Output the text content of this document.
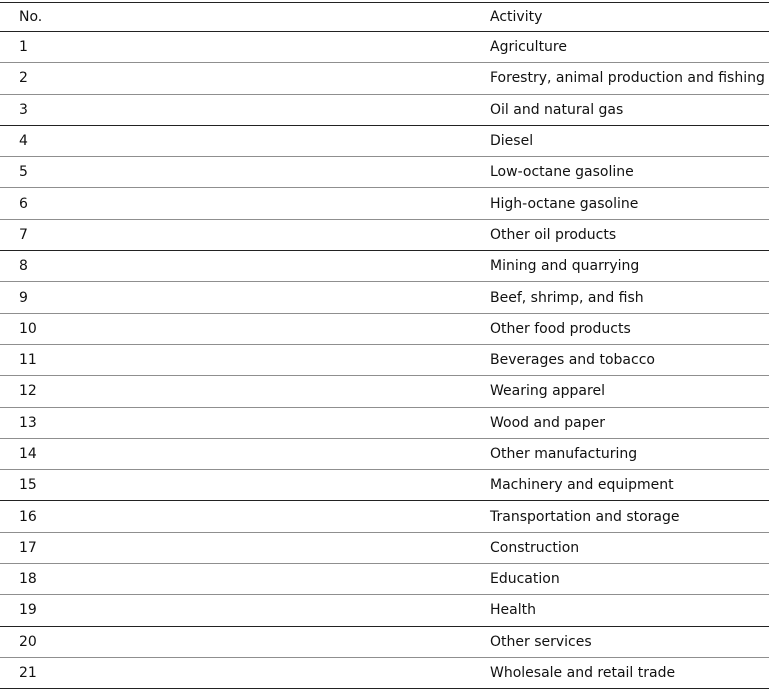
No.	Activity
1	Agriculture
2	Forestry, animal production and fishing
3	Oil and natural gas
4	Diesel
5	Low-octane gasoline
6	High-octane gasoline
7	Other oil products
8	Mining and quarrying
9	Beef, shrimp, and fish
10	Other food products
11	Beverages and tobacco
12	Wearing apparel
13	Wood and paper
14	Other manufacturing
15	Machinery and equipment
16	Transportation and storage
17	Construction
18	Education
19	Health
20	Other services
21	Wholesale and retail trade
